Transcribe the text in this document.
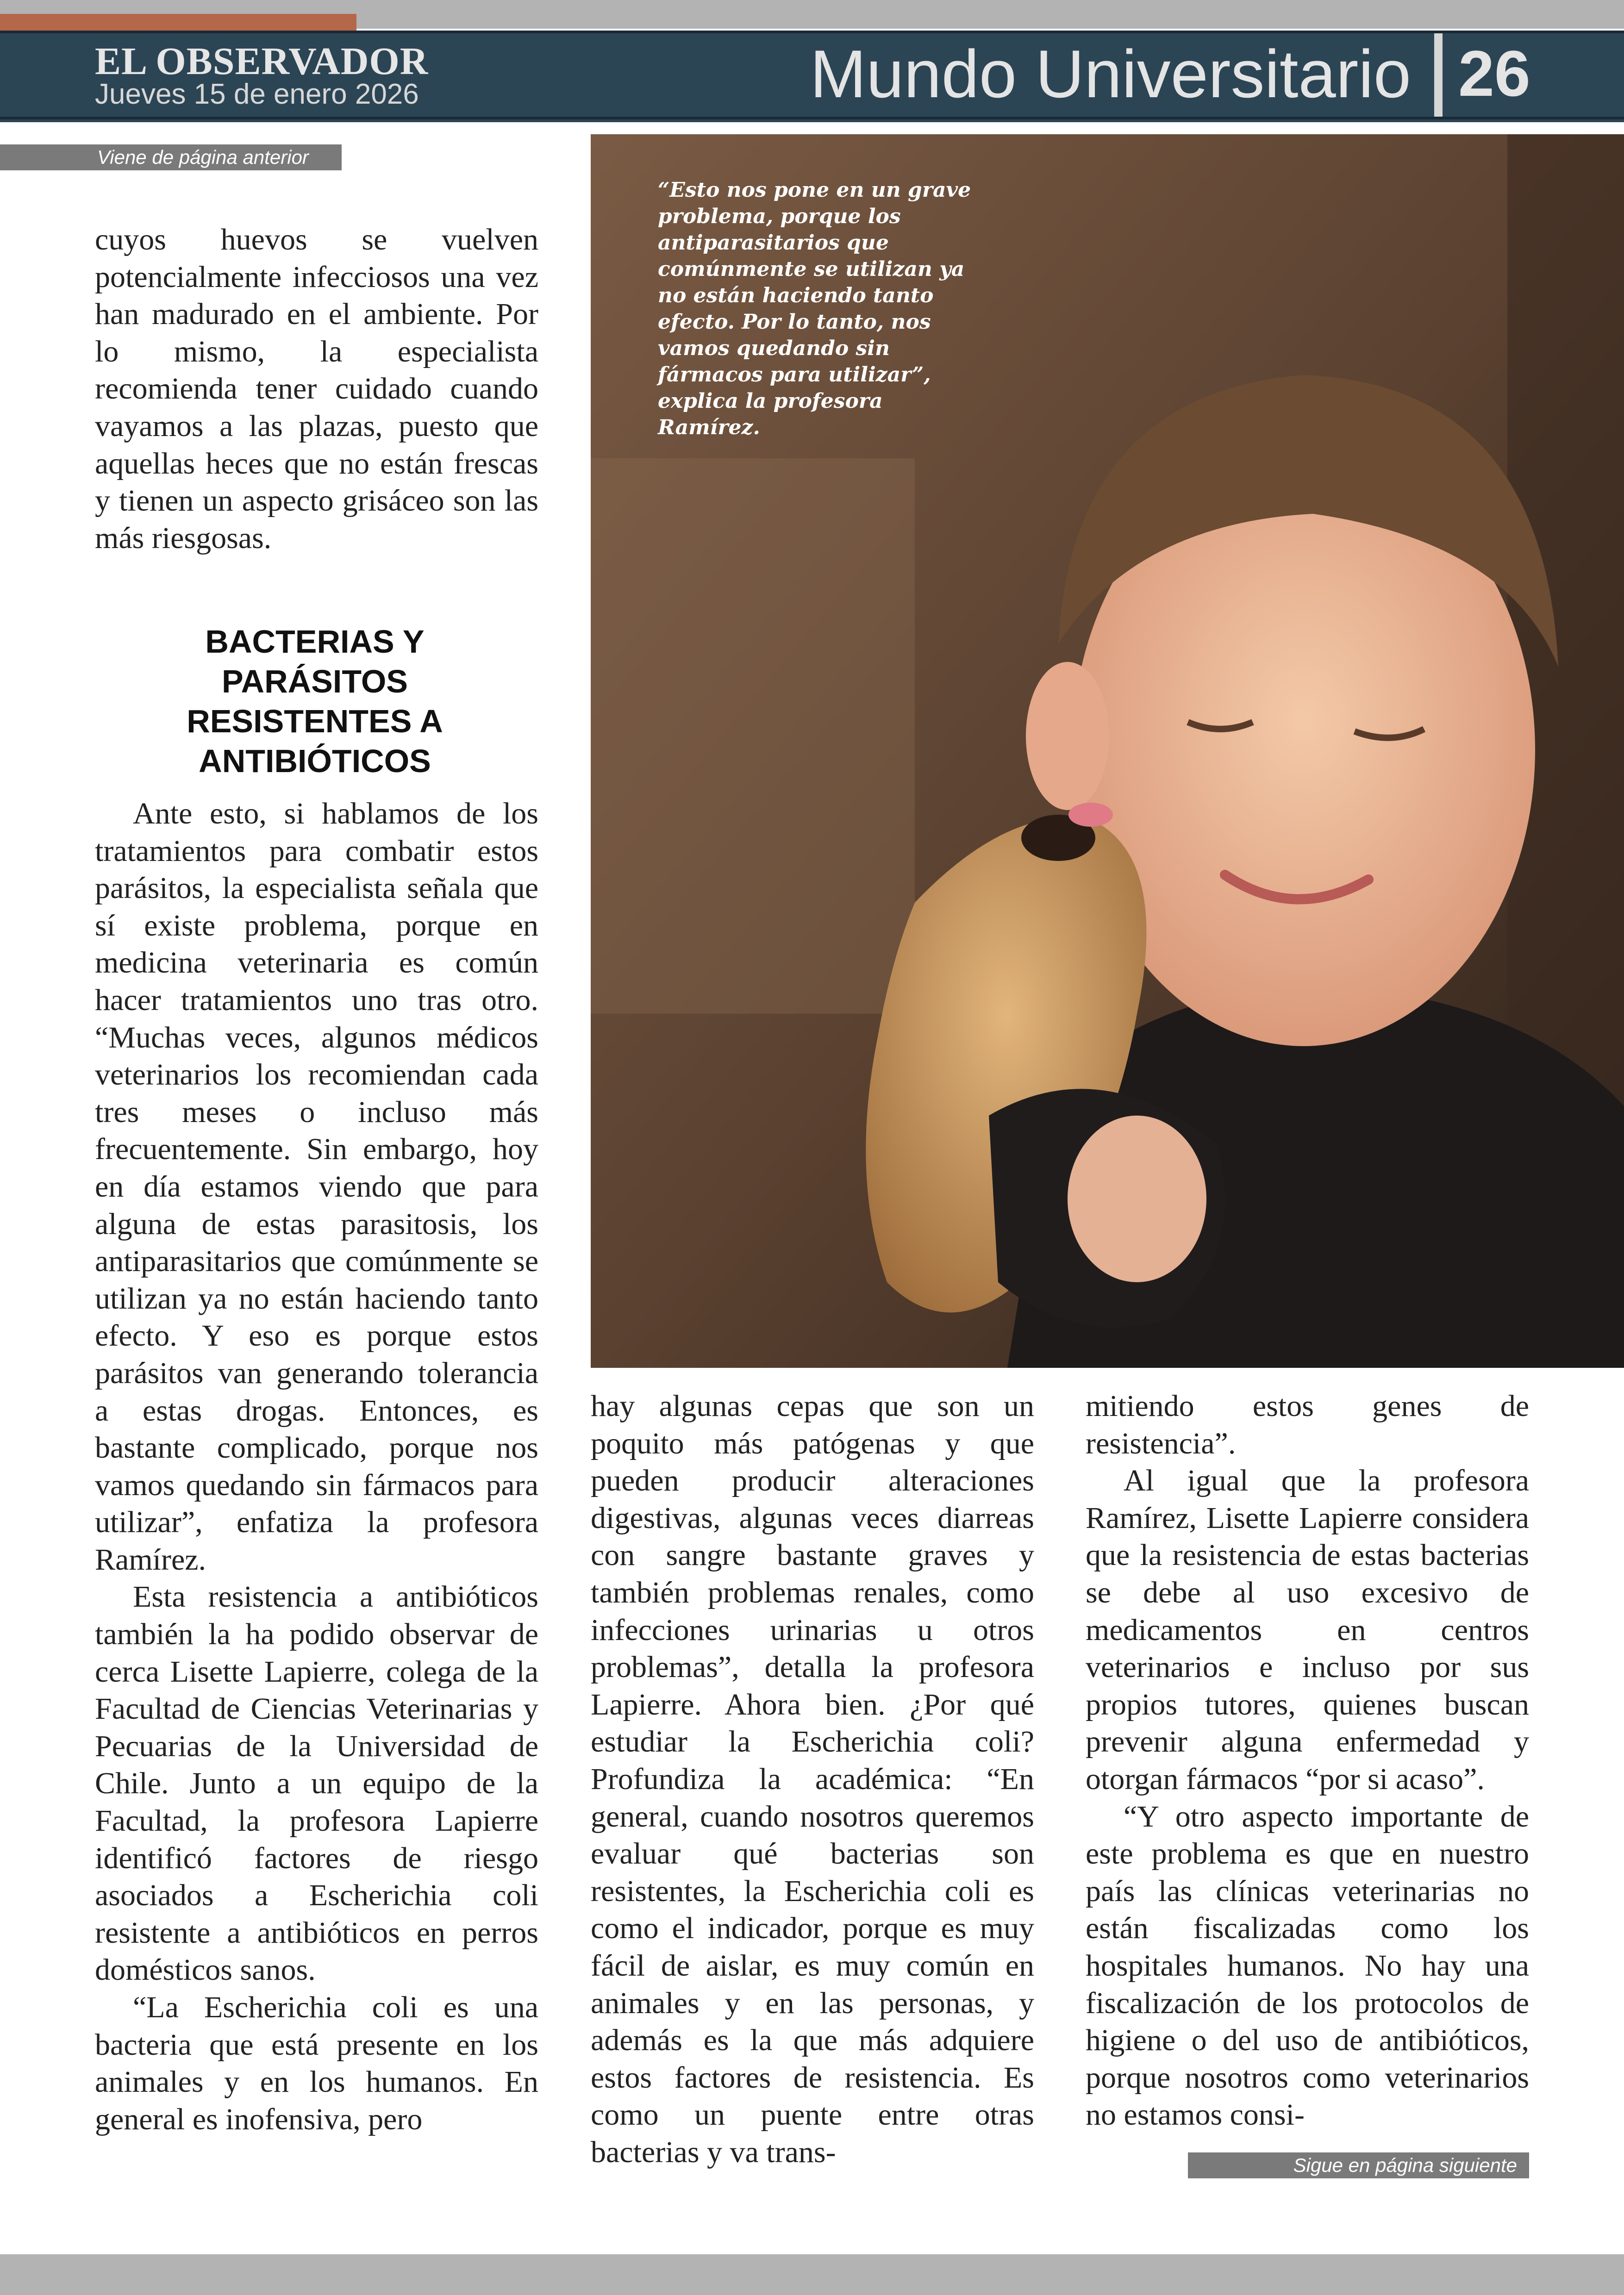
EL OBSERVADOR
Jueves 15 de enero 2026	Mundo Universitario 26
Viene de página anterior

cuyos huevos se vuelven potencialmente infecciosos una vez han madurado en el ambiente. Por lo mismo, la especialista recomienda tener cuidado cuando vayamos a las plazas, puesto que aquellas heces que no están frescas y tienen un aspecto grisáceo son las más riesgosas.

BACTERIAS Y PARÁSITOS RESISTENTES A ANTIBIÓTICOS

Ante esto, si hablamos de los tratamientos para combatir estos parásitos, la especialista señala que sí existe problema, porque en medicina veterinaria es común hacer tratamientos uno tras otro. “Muchas veces, algunos médicos veterinarios los recomiendan cada tres meses o incluso más frecuentemente. Sin embargo, hoy en día estamos viendo que para alguna de estas parasitosis, los antiparasitarios que comúnmente se utilizan ya no están haciendo tanto efecto. Y eso es porque estos parásitos van generando tolerancia a estas drogas. Entonces, es bastante complicado, porque nos vamos quedando sin fármacos para utilizar”, enfatiza la profesora Ramírez.

Esta resistencia a antibióticos también la ha podido observar de cerca Lisette Lapierre, colega de la Facultad de Ciencias Veterinarias y Pecuarias de la Universidad de Chile. Junto a un equipo de la Facultad, la profesora Lapierre identificó factores de riesgo asociados a Escherichia coli resistente a antibióticos en perros domésticos sanos.

“La Escherichia coli es una bacteria que está presente en los animales y en los humanos. En general es inofensiva, pero

“Esto nos pone en un grave problema, porque los antiparasitarios que comúnmente se utilizan ya no están haciendo tanto efecto. Por lo tanto, nos vamos quedando sin fármacos para utilizar”, explica la profesora Ramírez.

hay algunas cepas que son un poquito más patógenas y que pueden producir alteraciones digestivas, algunas veces diarreas con sangre bastante graves y también problemas renales, como infecciones urinarias u otros problemas”, detalla la profesora Lapierre. Ahora bien. ¿Por qué estudiar la Escherichia coli? Profundiza la académica: “En general, cuando nosotros queremos evaluar qué bacterias son resistentes, la Escherichia coli es como el indicador, porque es muy fácil de aislar, es muy común en animales y en las personas, y además es la que más adquiere estos factores de resistencia. Es como un puente entre otras bacterias y va trans-

mitiendo estos genes de resistencia”.

Al igual que la profesora Ramírez, Lisette Lapierre considera que la resistencia de estas bacterias se debe al uso excesivo de medicamentos en centros veterinarios e incluso por sus propios tutores, quienes buscan prevenir alguna enfermedad y otorgan fármacos “por si acaso”.

“Y otro aspecto importante de este problema es que en nuestro país las clínicas veterinarias no están fiscalizadas como los hospitales humanos. No hay una fiscalización de los protocolos de higiene o del uso de antibióticos, porque nosotros como veterinarios no estamos consi-

Sigue en página siguiente
